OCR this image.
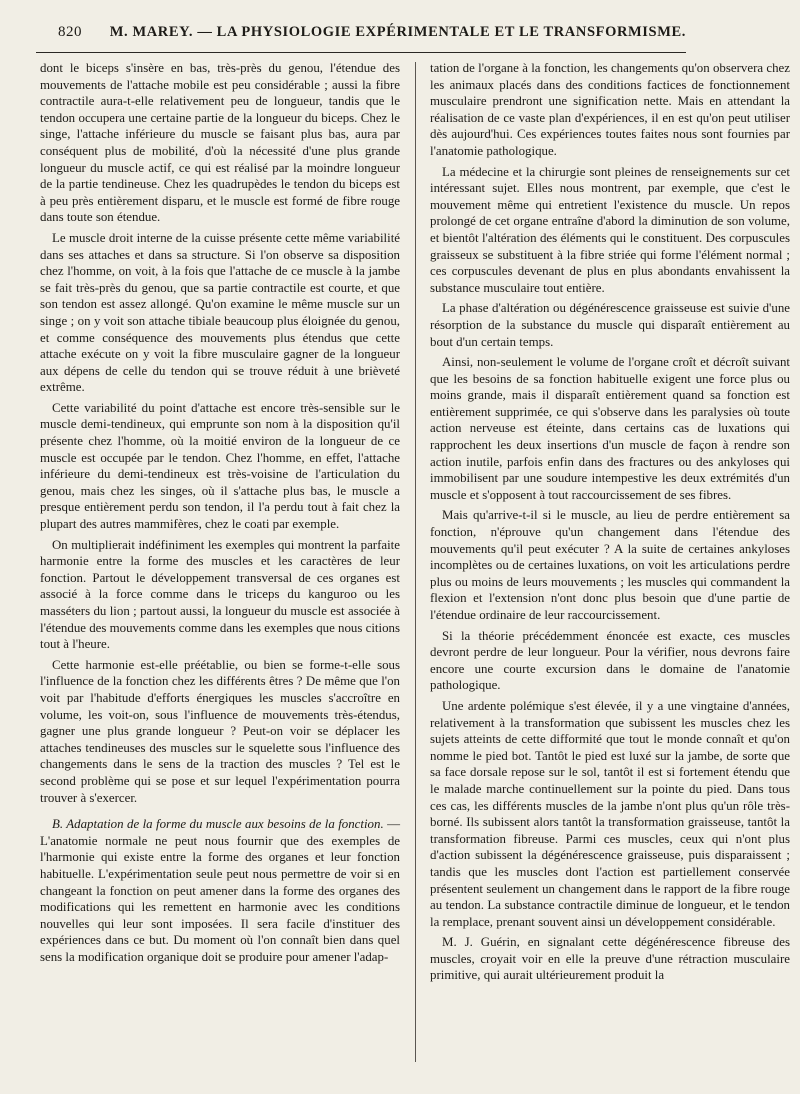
820	M. MAREY. — LA PHYSIOLOGIE EXPÉRIMENTALE ET LE TRANSFORMISME.

dont le biceps s'insère en bas, très-près du genou, l'étendue des mouvements de l'attache mobile est peu considérable ; aussi la fibre contractile aura-t-elle relativement peu de longueur, tandis que le tendon occupera une certaine partie de la longueur du biceps. Chez le singe, l'attache inférieure du muscle se faisant plus bas, aura par conséquent plus de mobilité, d'où la nécessité d'une plus grande longueur du muscle actif, ce qui est réalisé par la moindre longueur de la partie tendineuse. Chez les quadrupèdes le tendon du biceps est à peu près entièrement disparu, et le muscle est formé de fibre rouge dans toute son étendue.

Le muscle droit interne de la cuisse présente cette même variabilité dans ses attaches et dans sa structure. Si l'on observe sa disposition chez l'homme, on voit, à la fois que l'attache de ce muscle à la jambe se fait très-près du genou, que sa partie contractile est courte, et que son tendon est assez allongé. Qu'on examine le même muscle sur un singe ; on y voit son attache tibiale beaucoup plus éloignée du genou, et comme conséquence des mouvements plus étendus que cette attache exécute on y voit la fibre musculaire gagner de la longueur aux dépens de celle du tendon qui se trouve réduit à une brièveté extrême.

Cette variabilité du point d'attache est encore très-sensible sur le muscle demi-tendineux, qui emprunte son nom à la disposition qu'il présente chez l'homme, où la moitié environ de la longueur de ce muscle est occupée par le tendon. Chez l'homme, en effet, l'attache inférieure du demi-tendineux est très-voisine de l'articulation du genou, mais chez les singes, où il s'attache plus bas, le muscle a presque entièrement perdu son tendon, il l'a perdu tout à fait chez la plupart des autres mammifères, chez le coati par exemple.

On multiplierait indéfiniment les exemples qui montrent la parfaite harmonie entre la forme des muscles et les caractères de leur fonction. Partout le développement transversal de ces organes est associé à la force comme dans le triceps du kanguroo ou les masséters du lion ; partout aussi, la longueur du muscle est associée à l'étendue des mouvements comme dans les exemples que nous citions tout à l'heure.

Cette harmonie est-elle préétablie, ou bien se forme-t-elle sous l'influence de la fonction chez les différents êtres ? De même que l'on voit par l'habitude d'efforts énergiques les muscles s'accroître en volume, les voit-on, sous l'influence de mouvements très-étendus, gagner une plus grande longueur ? Peut-on voir se déplacer les attaches tendineuses des muscles sur le squelette sous l'influence des changements dans le sens de la traction des muscles ? Tel est le second problème qui se pose et sur lequel l'expérimentation pourra trouver à s'exercer.

B. Adaptation de la forme du muscle aux besoins de la fonction. — L'anatomie normale ne peut nous fournir que des exemples de l'harmonie qui existe entre la forme des organes et leur fonction habituelle. L'expérimentation seule peut nous permettre de voir si en changeant la fonction on peut amener dans la forme des organes des modifications qui les remettent en harmonie avec les conditions nouvelles qui leur sont imposées. Il sera facile d'instituer des expériences dans ce but. Du moment où l'on connaît bien dans quel sens la modification organique doit se produire pour amener l'adap-

tation de l'organe à la fonction, les changements qu'on observera chez les animaux placés dans des conditions factices de fonctionnement musculaire prendront une signification nette. Mais en attendant la réalisation de ce vaste plan d'expériences, il en est qu'on peut utiliser dès aujourd'hui. Ces expériences toutes faites nous sont fournies par l'anatomie pathologique.

La médecine et la chirurgie sont pleines de renseignements sur cet intéressant sujet. Elles nous montrent, par exemple, que c'est le mouvement même qui entretient l'existence du muscle. Un repos prolongé de cet organe entraîne d'abord la diminution de son volume, et bientôt l'altération des éléments qui le constituent. Des corpuscules graisseux se substituent à la fibre striée qui forme l'élément normal ; ces corpuscules devenant de plus en plus abondants envahissent la substance musculaire tout entière.

La phase d'altération ou dégénérescence graisseuse est suivie d'une résorption de la substance du muscle qui disparaît entièrement au bout d'un certain temps.

Ainsi, non-seulement le volume de l'organe croît et décroît suivant que les besoins de sa fonction habituelle exigent une force plus ou moins grande, mais il disparaît entièrement quand sa fonction est entièrement supprimée, ce qui s'observe dans les paralysies où toute action nerveuse est éteinte, dans certains cas de luxations qui rapprochent les deux insertions d'un muscle de façon à rendre son action inutile, parfois enfin dans des fractures ou des ankyloses qui immobilisent par une soudure intempestive les deux extrémités d'un muscle et s'opposent à tout raccourcissement de ses fibres.

Mais qu'arrive-t-il si le muscle, au lieu de perdre entièrement sa fonction, n'éprouve qu'un changement dans l'étendue des mouvements qu'il peut exécuter ? A la suite de certaines ankyloses incomplètes ou de certaines luxations, on voit les articulations perdre plus ou moins de leurs mouvements ; les muscles qui commandent la flexion et l'extension n'ont donc plus besoin que d'une partie de l'étendue ordinaire de leur raccourcissement.

Si la théorie précédemment énoncée est exacte, ces muscles devront perdre de leur longueur. Pour la vérifier, nous devrons faire encore une courte excursion dans le domaine de l'anatomie pathologique.

Une ardente polémique s'est élevée, il y a une vingtaine d'années, relativement à la transformation que subissent les muscles chez les sujets atteints de cette difformité que tout le monde connaît et qu'on nomme le pied bot. Tantôt le pied est luxé sur la jambe, de sorte que sa face dorsale repose sur le sol, tantôt il est si fortement étendu que le malade marche continuellement sur la pointe du pied. Dans tous ces cas, les différents muscles de la jambe n'ont plus qu'un rôle très-borné. Ils subissent alors tantôt la transformation graisseuse, tantôt la transformation fibreuse. Parmi ces muscles, ceux qui n'ont plus d'action subissent la dégénérescence graisseuse, puis disparaissent ; tandis que les muscles dont l'action est partiellement conservée présentent seulement un changement dans le rapport de la fibre rouge au tendon. La substance contractile diminue de longueur, et le tendon la remplace, prenant souvent ainsi un développement considérable.

M. J. Guérin, en signalant cette dégénérescence fibreuse des muscles, croyait voir en elle la preuve d'une rétraction musculaire primitive, qui aurait ultérieurement produit la
